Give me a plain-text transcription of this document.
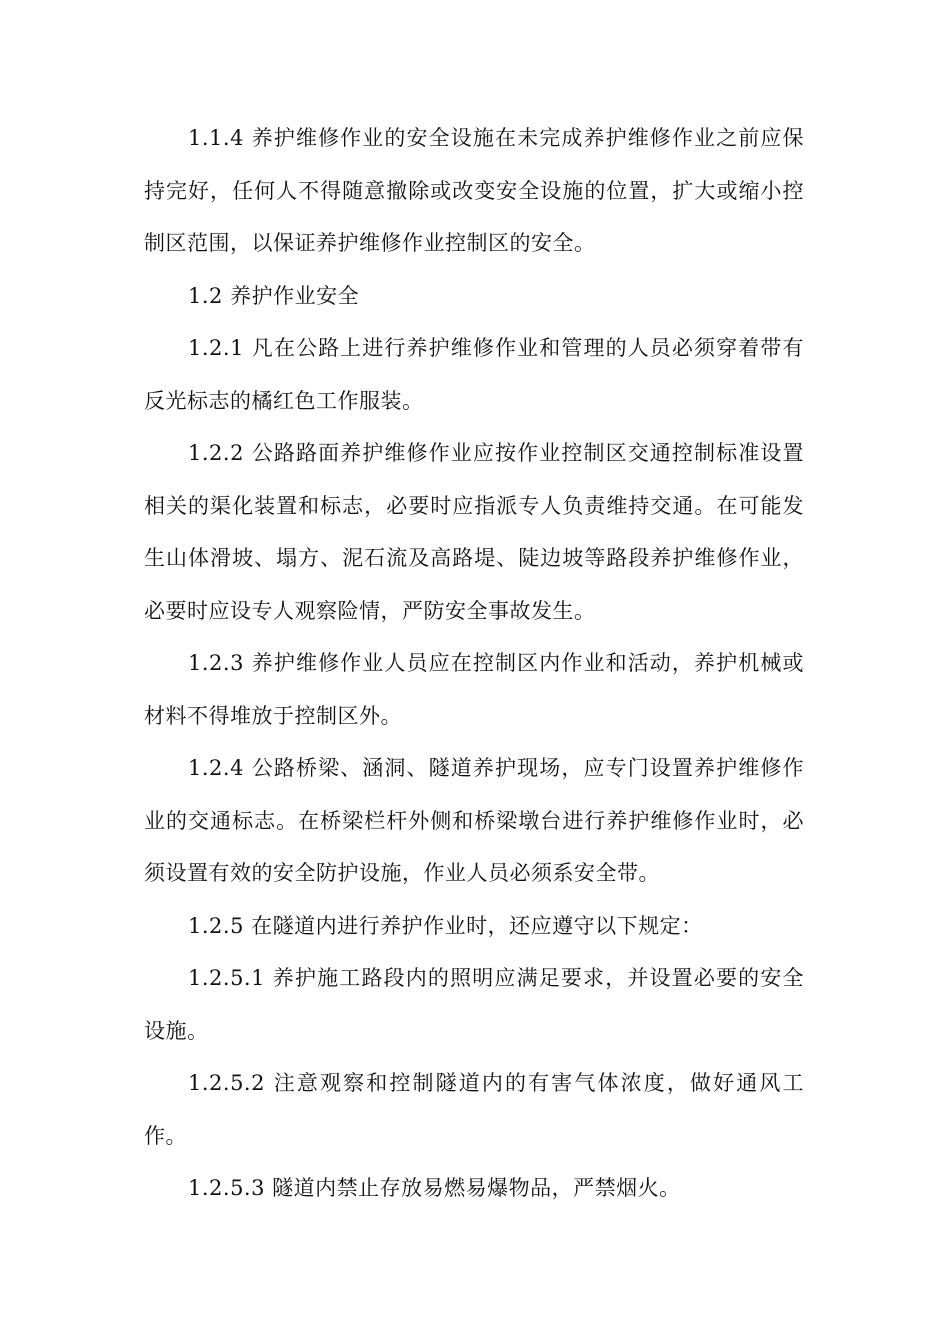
1.1.4 养护维修作业的安全设施在未完成养护维修作业之前应保持完好，任何人不得随意撤除或改变安全设施的位置，扩大或缩小控制区范围，以保证养护维修作业控制区的安全。

1.2 养护作业安全

1.2.1 凡在公路上进行养护维修作业和管理的人员必须穿着带有反光标志的橘红色工作服装。

1.2.2 公路路面养护维修作业应按作业控制区交通控制标准设置相关的渠化装置和标志，必要时应指派专人负责维持交通。在可能发生山体滑坡、塌方、泥石流及高路堤、陡边坡等路段养护维修作业，必要时应设专人观察险情，严防安全事故发生。

1.2.3 养护维修作业人员应在控制区内作业和活动，养护机械或材料不得堆放于控制区外。

1.2.4 公路桥梁、涵洞、隧道养护现场，应专门设置养护维修作业的交通标志。在桥梁栏杆外侧和桥梁墩台进行养护维修作业时，必须设置有效的安全防护设施，作业人员必须系安全带。

1.2.5 在隧道内进行养护作业时，还应遵守以下规定：

1.2.5.1 养护施工路段内的照明应满足要求，并设置必要的安全设施。

1.2.5.2 注意观察和控制隧道内的有害气体浓度，做好通风工作。

1.2.5.3 隧道内禁止存放易燃易爆物品，严禁烟火。
